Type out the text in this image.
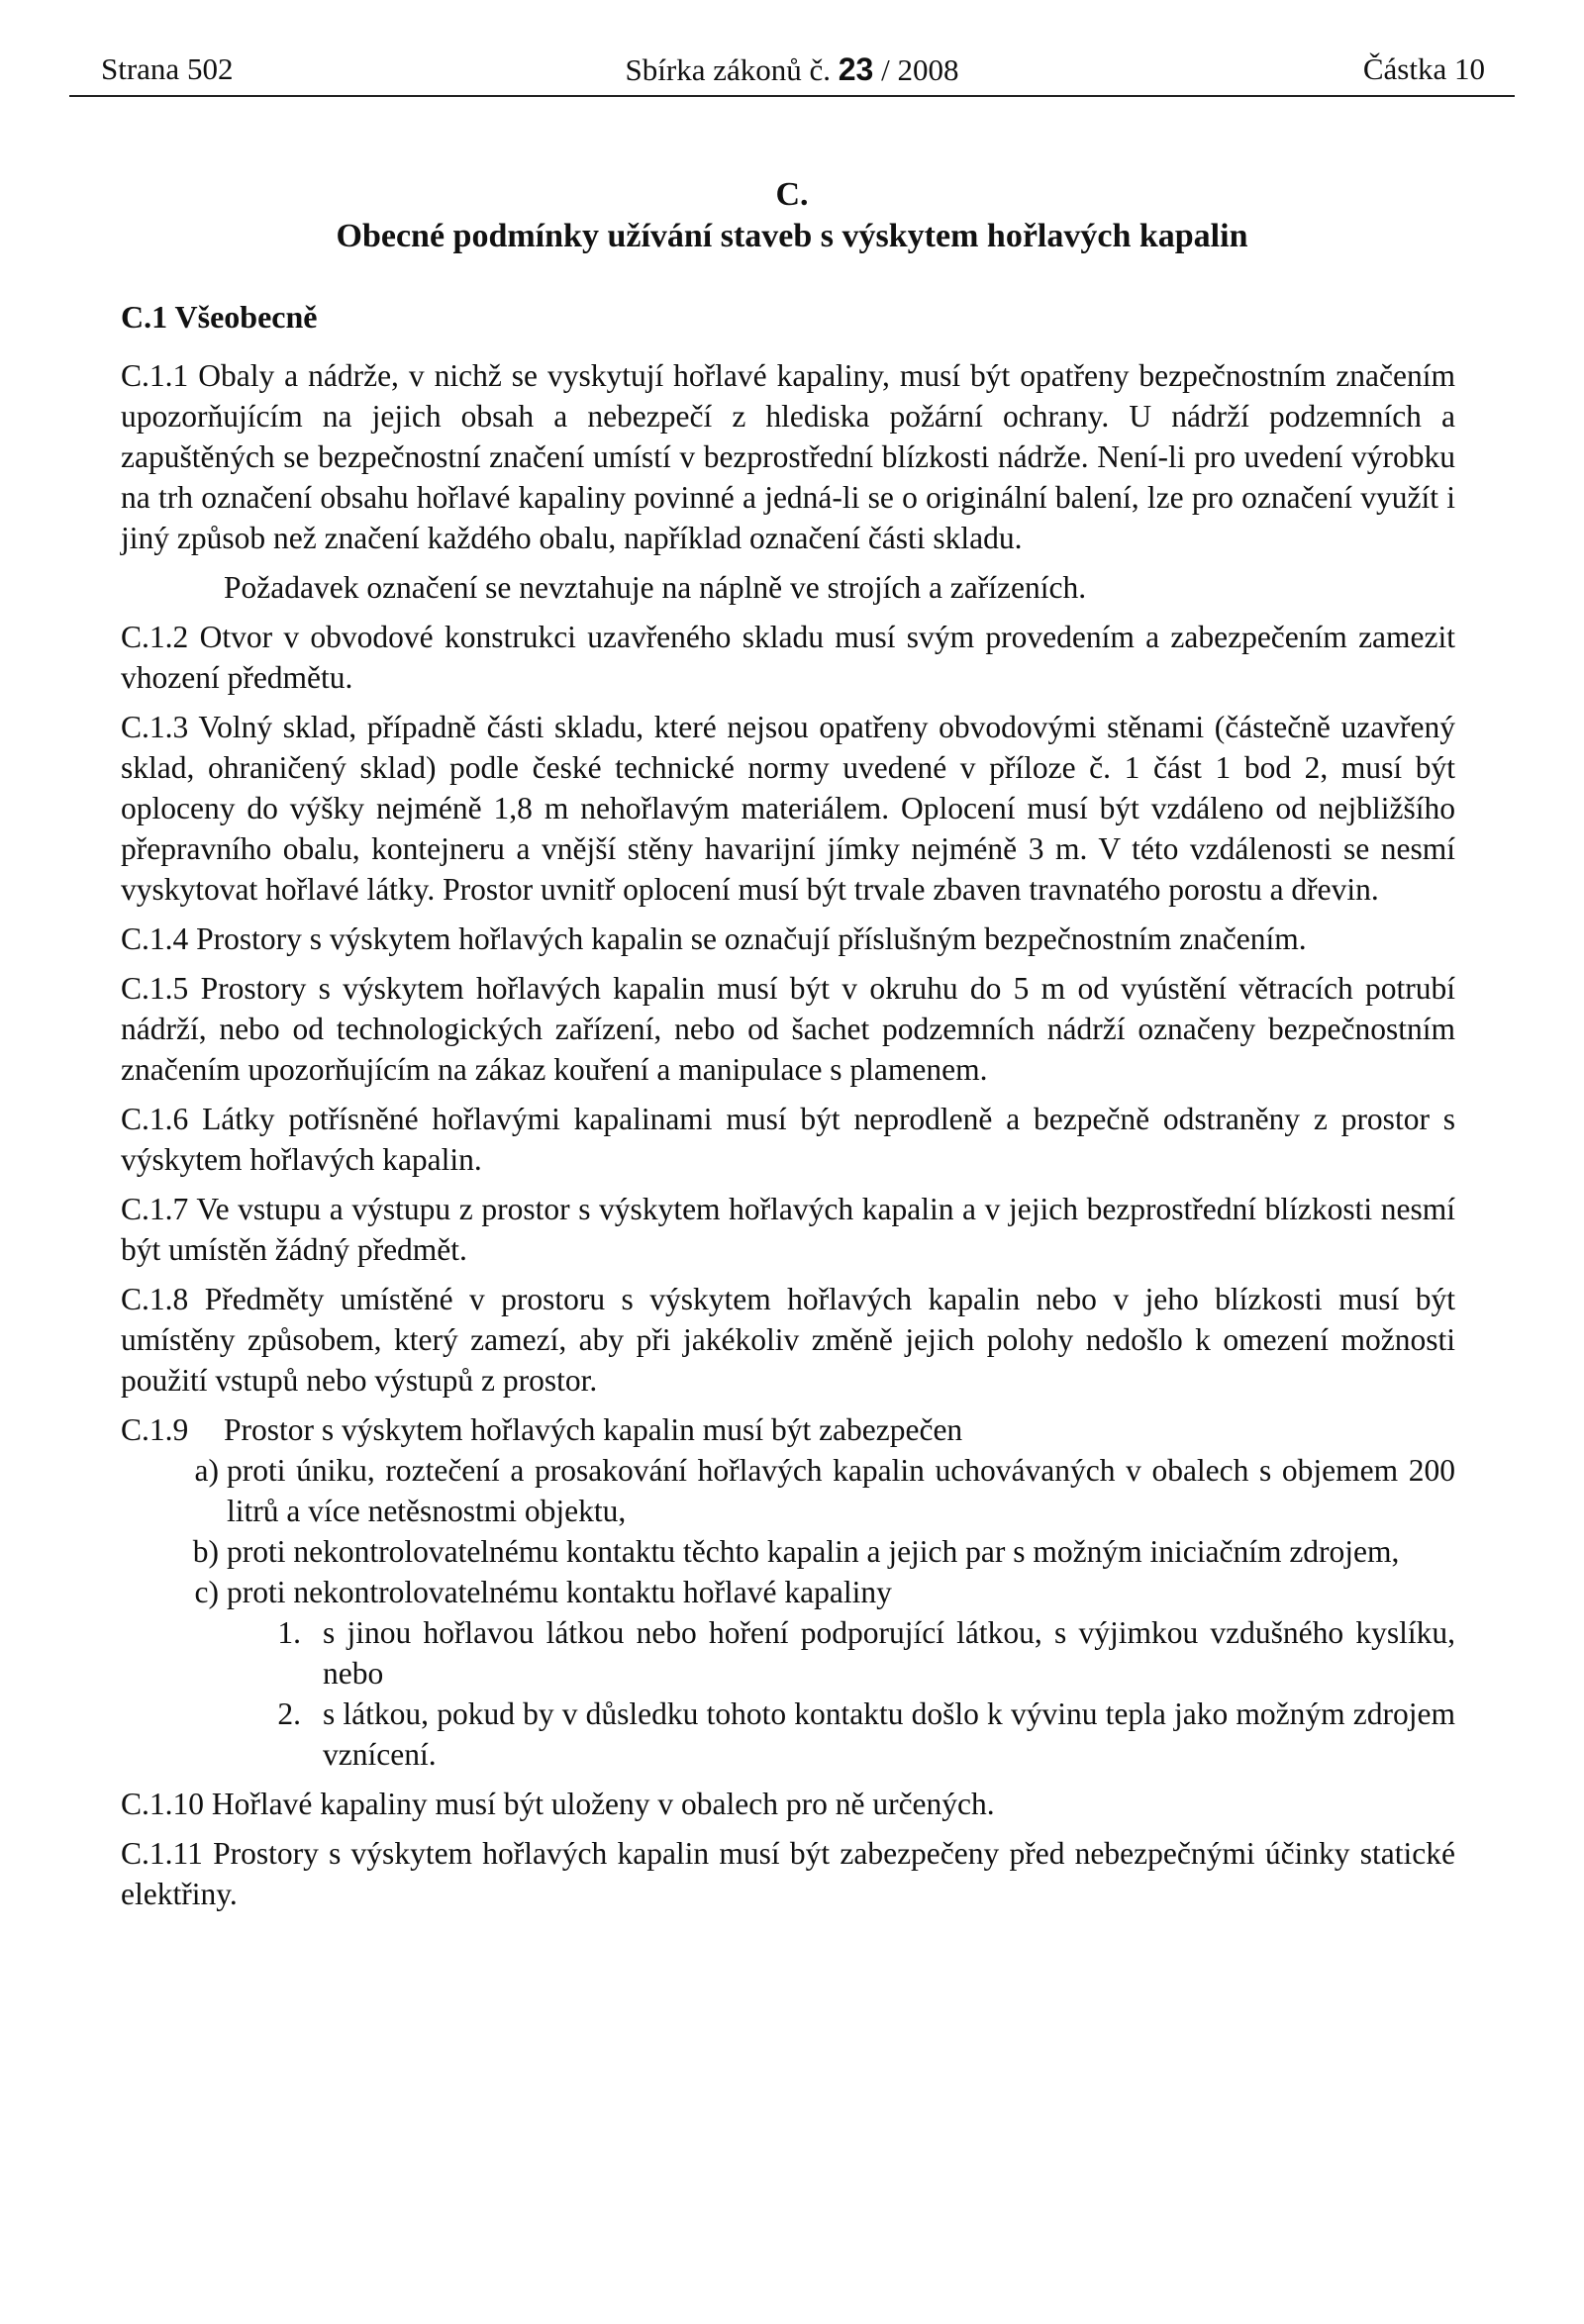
Strana 502	Sbírka zákonů č. 23 / 2008	Částka 10
C.
Obecné podmínky užívání staveb s výskytem hořlavých kapalin
C.1 Všeobecně

C.1.1 Obaly a nádrže, v nichž se vyskytují hořlavé kapaliny, musí být opatřeny bezpečnostním značením upozorňujícím na jejich obsah a nebezpečí z hlediska požární ochrany. U nádrží podzemních a zapuštěných se bezpečnostní značení umístí v bezprostřední blízkosti nádrže. Není-li pro uvedení výrobku na trh označení obsahu hořlavé kapaliny povinné a jedná-li se o originální balení, lze pro označení využít i jiný způsob než značení každého obalu, například označení části skladu.

Požadavek označení se nevztahuje na náplně ve strojích a zařízeních.

C.1.2 Otvor v obvodové konstrukci uzavřeného skladu musí svým provedením a zabezpečením zamezit vhození předmětu.

C.1.3 Volný sklad, případně části skladu, které nejsou opatřeny obvodovými stěnami (částečně uzavřený sklad, ohraničený sklad) podle české technické normy uvedené v příloze č. 1 část 1 bod 2, musí být oploceny do výšky nejméně 1,8 m nehořlavým materiálem. Oplocení musí být vzdáleno od nejbližšího přepravního obalu, kontejneru a vnější stěny havarijní jímky nejméně 3 m. V této vzdálenosti se nesmí vyskytovat hořlavé látky. Prostor uvnitř oplocení musí být trvale zbaven travnatého porostu a dřevin.

C.1.4 Prostory s výskytem hořlavých kapalin se označují příslušným bezpečnostním značením.

C.1.5 Prostory s výskytem hořlavých kapalin musí být v okruhu do 5 m od vyústění větracích potrubí nádrží, nebo od technologických zařízení, nebo od šachet podzemních nádrží označeny bezpečnostním značením upozorňujícím na zákaz kouření a manipulace s plamenem.

C.1.6 Látky potřísněné hořlavými kapalinami musí být neprodleně a bezpečně odstraněny z prostor s výskytem hořlavých kapalin.

C.1.7 Ve vstupu a výstupu z prostor s výskytem hořlavých kapalin a v jejich bezprostřední blízkosti nesmí být umístěn žádný předmět.

C.1.8 Předměty umístěné v prostoru s výskytem hořlavých kapalin nebo v jeho blízkosti musí být umístěny způsobem, který zamezí, aby při jakékoliv změně jejich polohy nedošlo k omezení možnosti použití vstupů nebo výstupů z prostor.

C.1.9	Prostor s výskytem hořlavých kapalin musí být zabezpečen
a) proti úniku, roztečení a prosakování hořlavých kapalin uchovávaných v obalech s objemem 200 litrů a více netěsnostmi objektu,
b) proti nekontrolovatelnému kontaktu těchto kapalin a jejich par s možným iniciačním zdrojem,
c) proti nekontrolovatelnému kontaktu hořlavé kapaliny
1. s jinou hořlavou látkou nebo hoření podporující látkou, s výjimkou vzdušného kyslíku, nebo
2. s látkou, pokud by v důsledku tohoto kontaktu došlo k vývinu tepla jako možným zdrojem vznícení.

C.1.10 Hořlavé kapaliny musí být uloženy v obalech pro ně určených.

C.1.11 Prostory s výskytem hořlavých kapalin musí být zabezpečeny před nebezpečnými účinky statické elektřiny.
